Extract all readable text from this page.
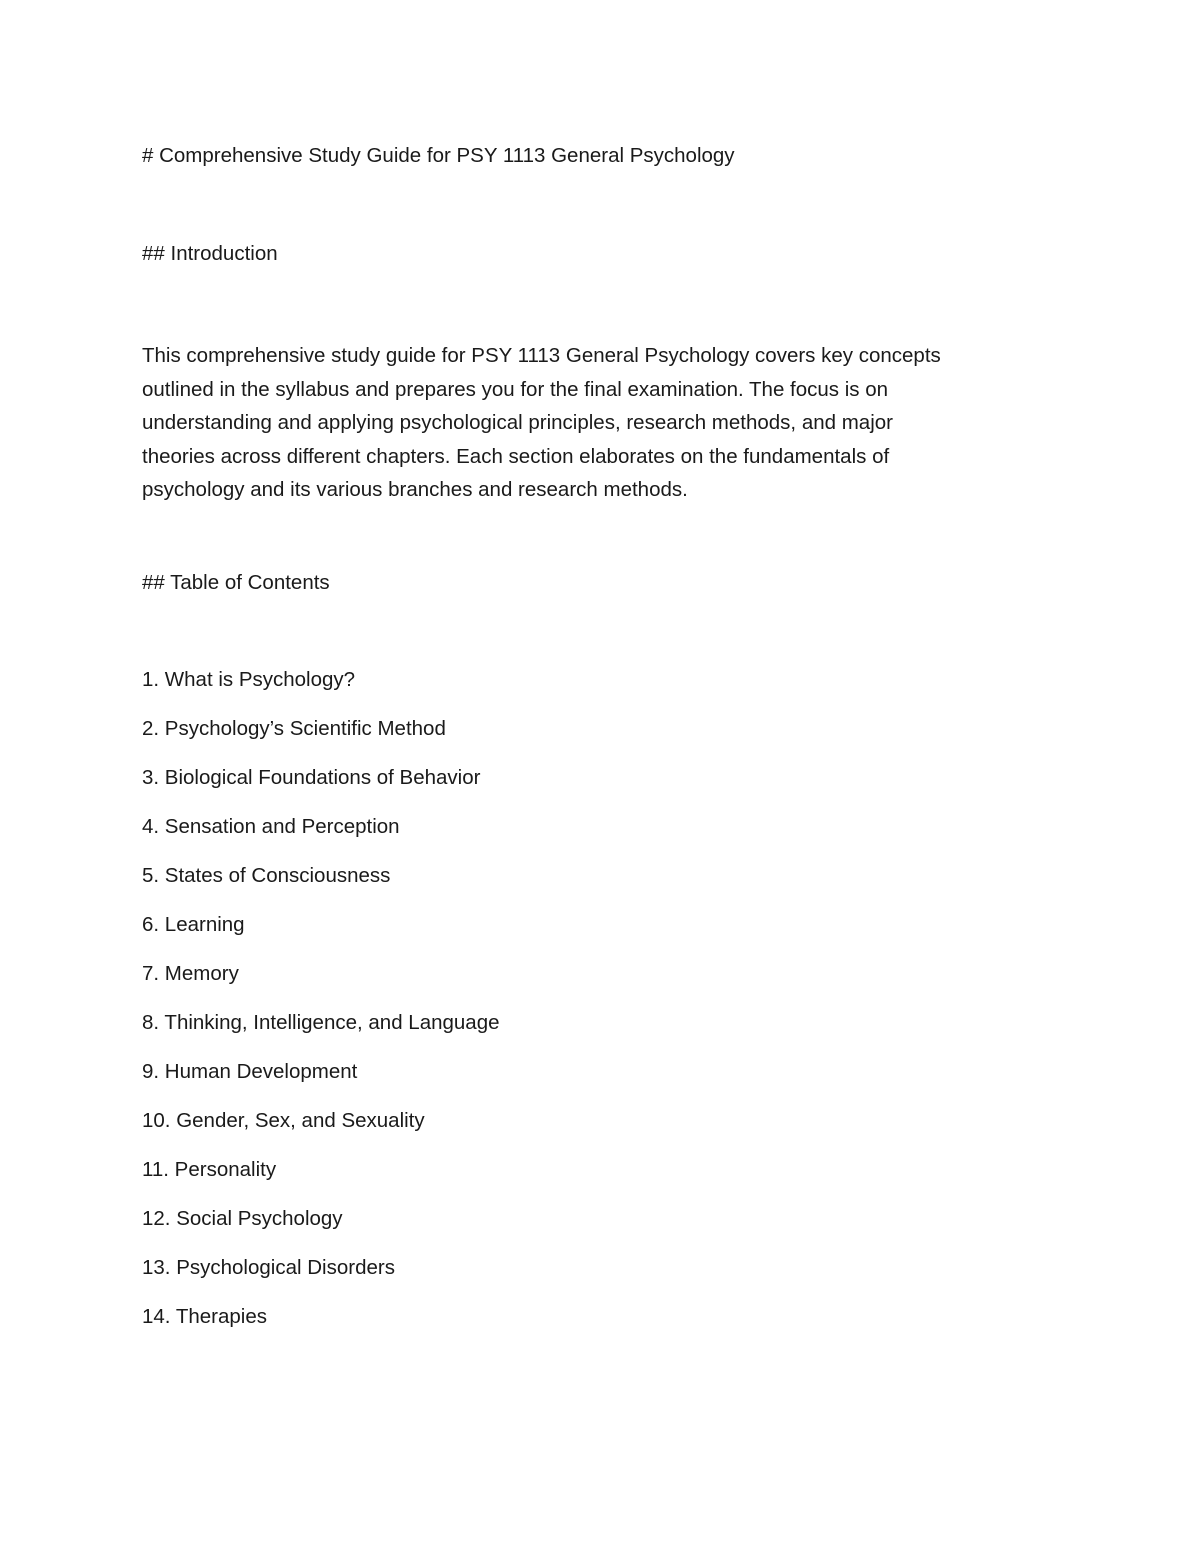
# Comprehensive Study Guide for PSY 1113 General Psychology
## Introduction

This comprehensive study guide for PSY 1113 General Psychology covers key concepts
outlined in the syllabus and prepares you for the final examination. The focus is on
understanding and applying psychological principles, research methods, and major
theories across different chapters. Each section elaborates on the fundamentals of
psychology and its various branches and research methods.

## Table of Contents
1. What is Psychology?
2. Psychology’s Scientific Method
3. Biological Foundations of Behavior
4. Sensation and Perception
5. States of Consciousness
6. Learning
7. Memory
8. Thinking, Intelligence, and Language
9. Human Development
10. Gender, Sex, and Sexuality
11. Personality
12. Social Psychology
13. Psychological Disorders
14. Therapies
